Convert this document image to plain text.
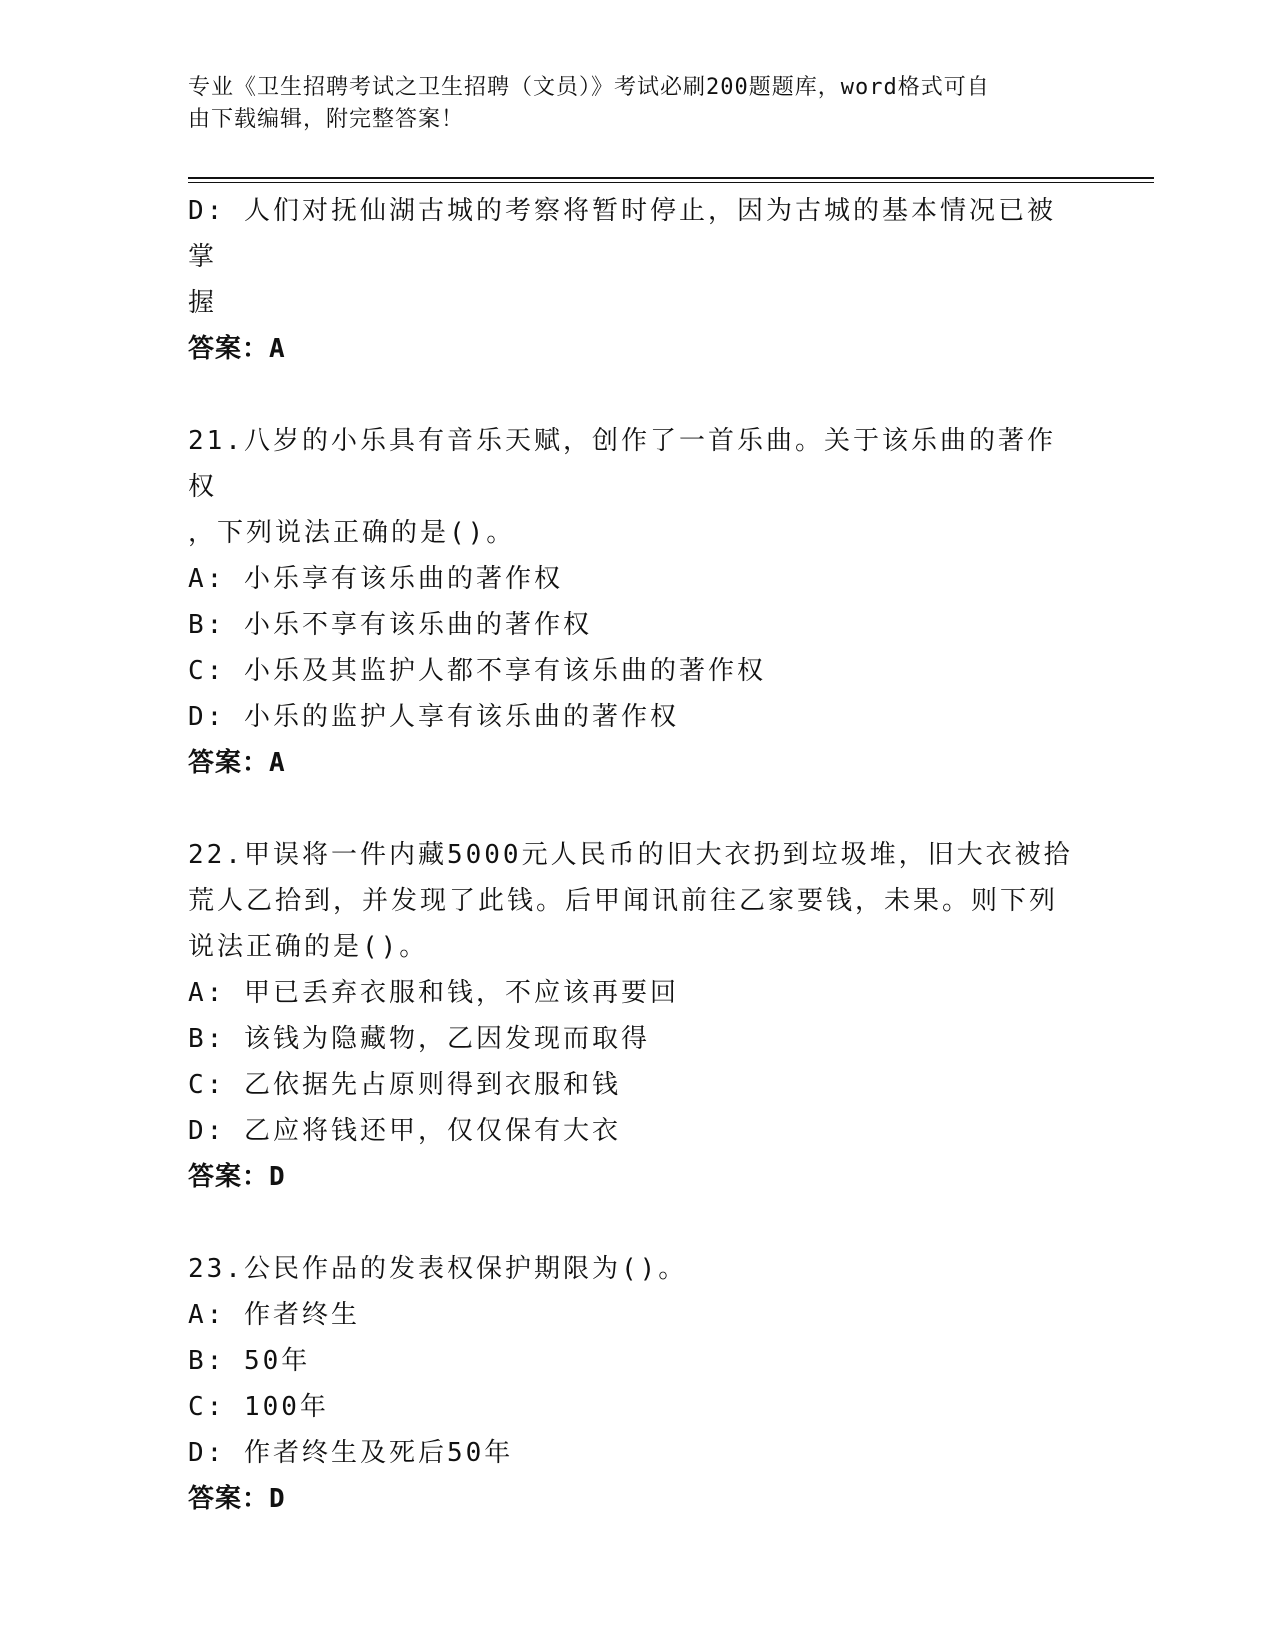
专业《卫生招聘考试之卫生招聘（文员）》考试必刷200题题库，word格式可自
由下载编辑，附完整答案！
D: 人们对抚仙湖古城的考察将暂时停止，因为古城的基本情况已被掌
握
答案：A
21.八岁的小乐具有音乐天赋，创作了一首乐曲。关于该乐曲的著作权
，下列说法正确的是()。
A: 小乐享有该乐曲的著作权
B: 小乐不享有该乐曲的著作权
C: 小乐及其监护人都不享有该乐曲的著作权
D: 小乐的监护人享有该乐曲的著作权
答案：A
22.甲误将一件内藏5000元人民币的旧大衣扔到垃圾堆，旧大衣被拾
荒人乙拾到，并发现了此钱。后甲闻讯前往乙家要钱，未果。则下列
说法正确的是()。
A: 甲已丢弃衣服和钱，不应该再要回
B: 该钱为隐藏物，乙因发现而取得
C: 乙依据先占原则得到衣服和钱
D: 乙应将钱还甲，仅仅保有大衣
答案：D
23.公民作品的发表权保护期限为()。
A: 作者终生
B: 50年
C: 100年
D: 作者终生及死后50年
答案：D
